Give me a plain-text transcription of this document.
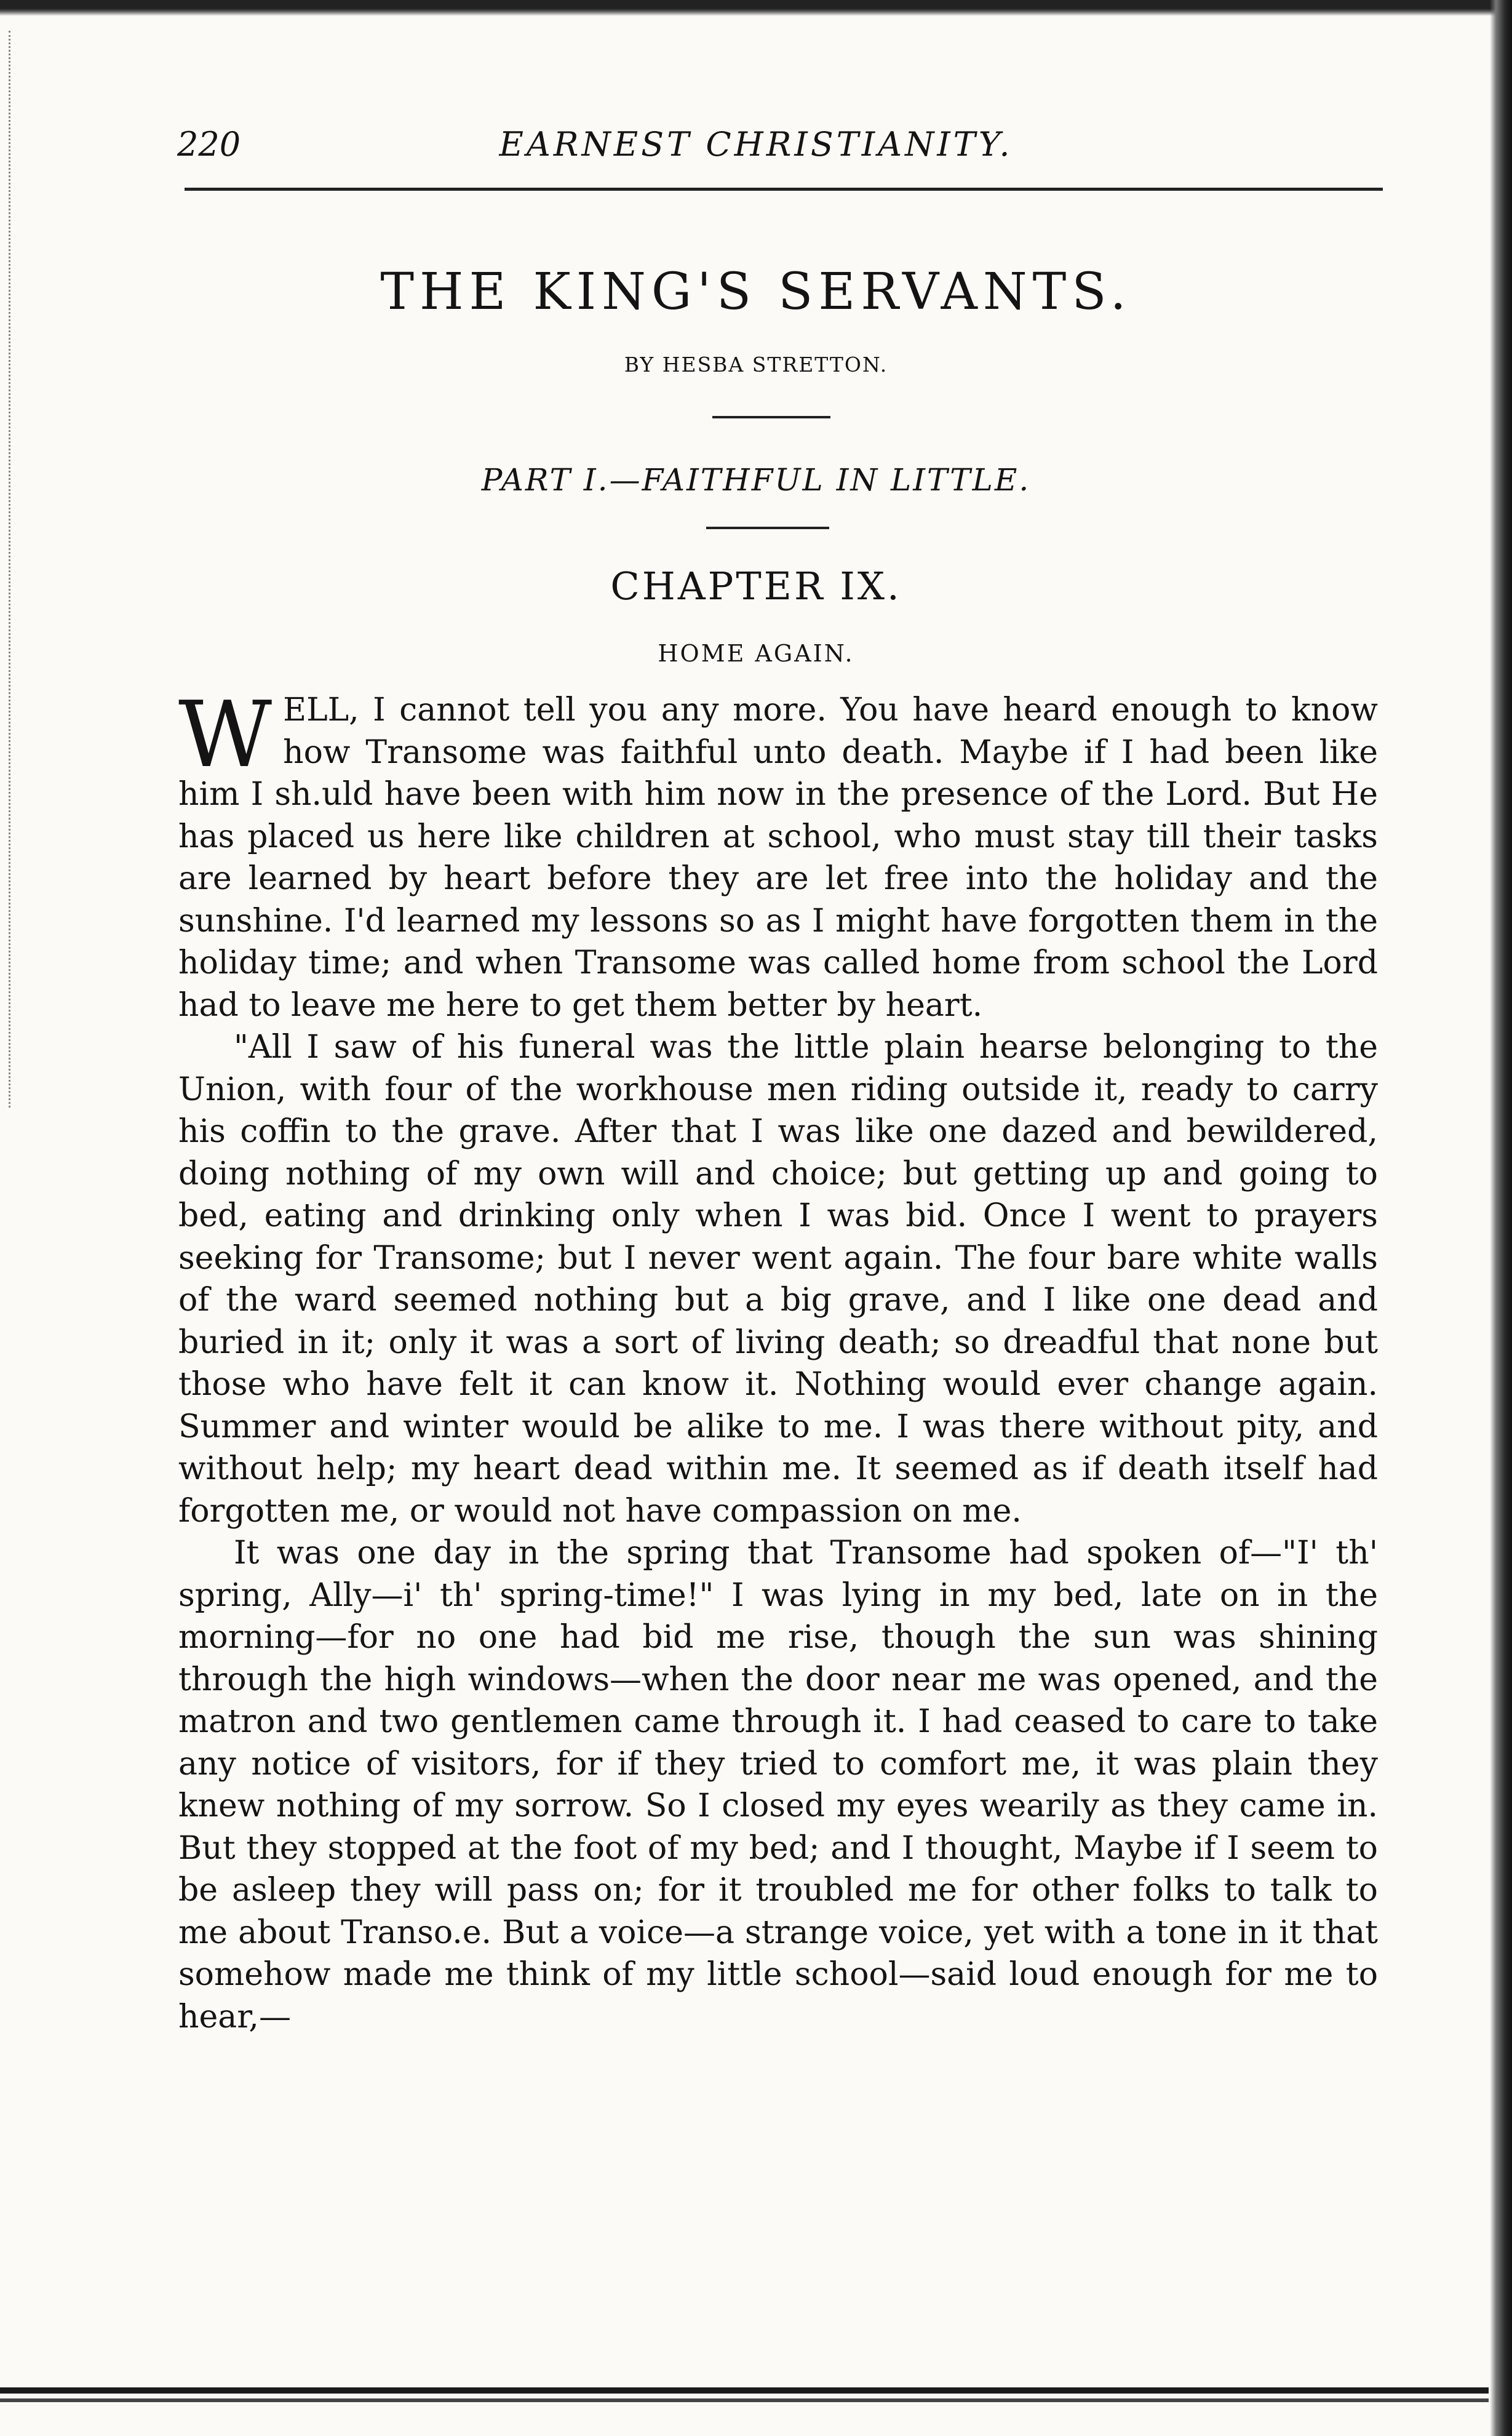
220	EARNEST CHRISTIANITY.
THE KING'S SERVANTS.
BY HESBA STRETTON.
PART I.—FAITHFUL IN LITTLE.
CHAPTER IX.
HOME AGAIN.

WELL, I cannot tell you any more. You have heard enough to know how Transome was faithful unto death. Maybe if I had been like him I sh.uld have been with him now in the presence of the Lord. But He has placed us here like children at school, who must stay till their tasks are learned by heart before they are let free into the holiday and the sunshine. I'd learned my lessons so as I might have forgotten them in the holiday time; and when Transome was called home from school the Lord had to leave me here to get them better by heart.

"All I saw of his funeral was the little plain hearse belonging to the Union, with four of the workhouse men riding outside it, ready to carry his coffin to the grave. After that I was like one dazed and bewildered, doing nothing of my own will and choice; but getting up and going to bed, eating and drinking only when I was bid. Once I went to prayers seeking for Transome; but I never went again. The four bare white walls of the ward seemed nothing but a big grave, and I like one dead and buried in it; only it was a sort of living death; so dreadful that none but those who have felt it can know it. Nothing would ever change again. Summer and winter would be alike to me. I was there without pity, and without help; my heart dead within me. It seemed as if death itself had forgotten me, or would not have compassion on me.

It was one day in the spring that Transome had spoken of—"I' th' spring, Ally—i' th' spring-time!" I was lying in my bed, late on in the morning—for no one had bid me rise, though the sun was shining through the high windows—when the door near me was opened, and the matron and two gentlemen came through it. I had ceased to care to take any notice of visitors, for if they tried to comfort me, it was plain they knew nothing of my sorrow. So I closed my eyes wearily as they came in. But they stopped at the foot of my bed; and I thought, Maybe if I seem to be asleep they will pass on; for it troubled me for other folks to talk to me about Transo.e. But a voice—a strange voice, yet with a tone in it that somehow made me think of my little school—said loud enough for me to hear,—
